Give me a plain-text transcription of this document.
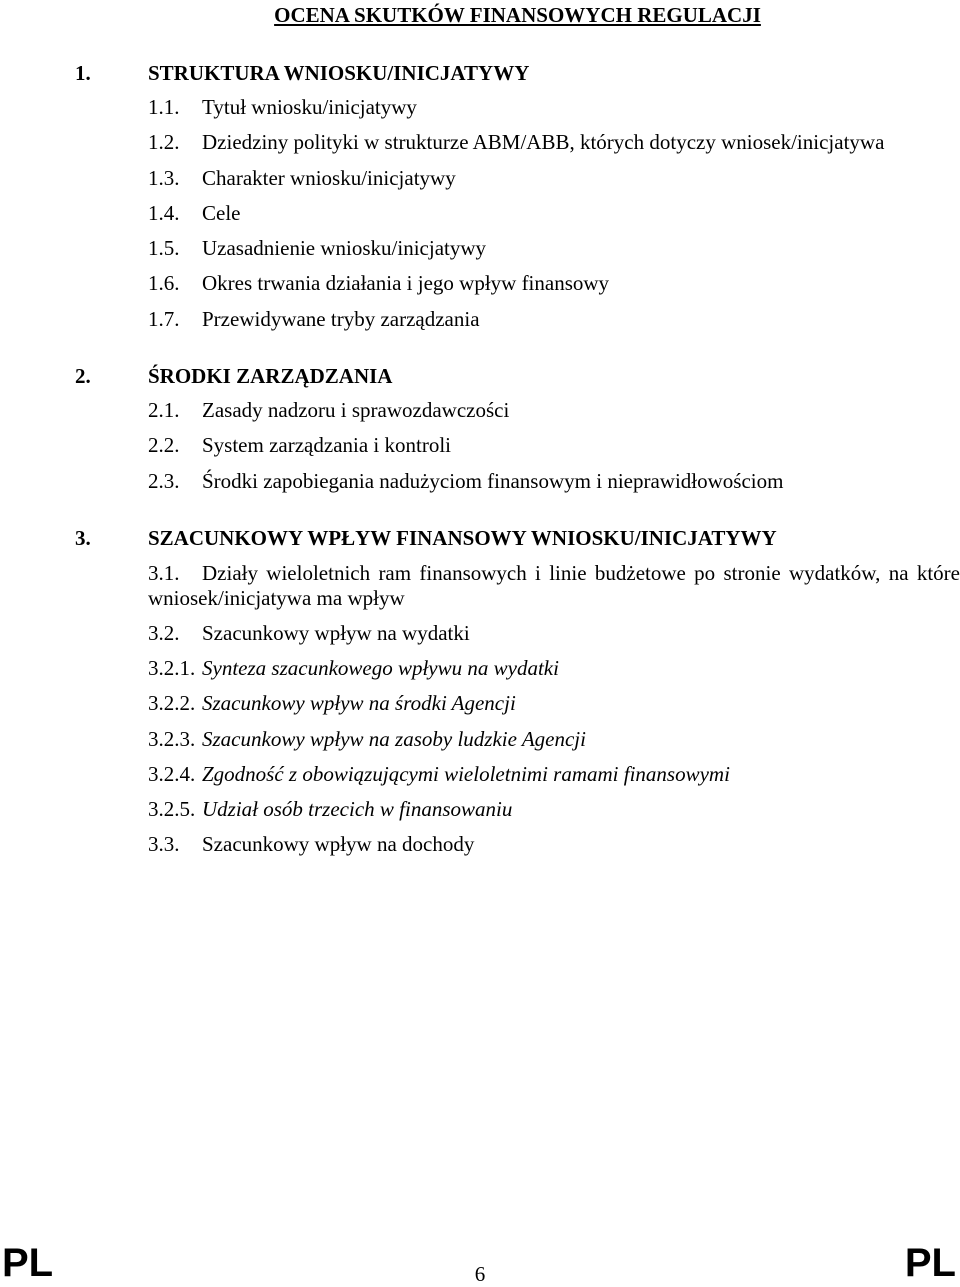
OCENA SKUTKÓW FINANSOWYCH REGULACJI
1.	STRUKTURA WNIOSKU/INICJATYWY
1.1. Tytuł wniosku/inicjatywy
1.2. Dziedziny polityki w strukturze ABM/ABB, których dotyczy wniosek/inicjatywa
1.3. Charakter wniosku/inicjatywy
1.4. Cele
1.5. Uzasadnienie wniosku/inicjatywy
1.6. Okres trwania działania i jego wpływ finansowy
1.7. Przewidywane tryby zarządzania
2.	ŚRODKI ZARZĄDZANIA
2.1. Zasady nadzoru i sprawozdawczości
2.2. System zarządzania i kontroli
2.3. Środki zapobiegania nadużyciom finansowym i nieprawidłowościom
3.	SZACUNKOWY WPŁYW FINANSOWY WNIOSKU/INICJATYWY
3.1. Działy wieloletnich ram finansowych i linie budżetowe po stronie wydatków, na które wniosek/inicjatywa ma wpływ
3.2. Szacunkowy wpływ na wydatki
3.2.1. Synteza szacunkowego wpływu na wydatki
3.2.2. Szacunkowy wpływ na środki Agencji
3.2.3. Szacunkowy wpływ na zasoby ludzkie Agencji
3.2.4. Zgodność z obowiązującymi wieloletnimi ramami finansowymi
3.2.5. Udział osób trzecich w finansowaniu
3.3. Szacunkowy wpływ na dochody
PL	6	PL
